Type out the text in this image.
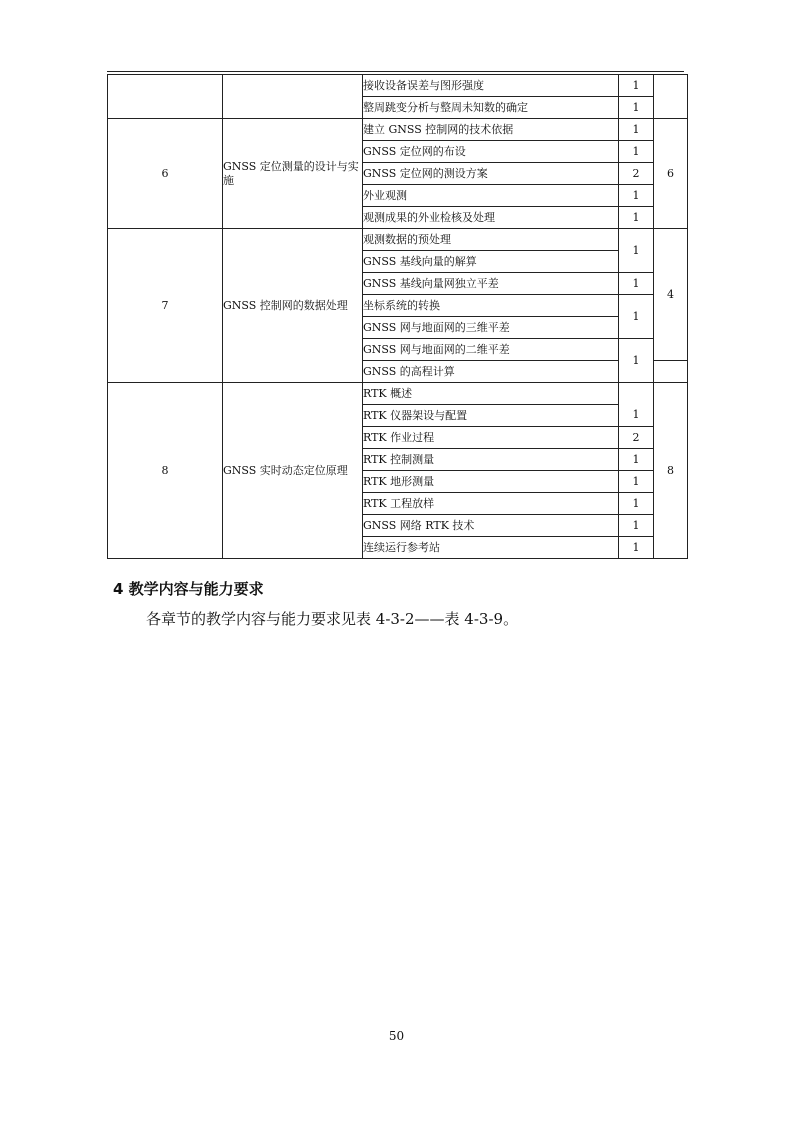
		接收设备误差与图形强度	1	
		整周跳变分析与整周未知数的确定	1	
6	GNSS 定位测量的设计与实施	建立 GNSS 控制网的技术依据	1	6
		GNSS 定位网的布设	1	
		GNSS 定位网的测设方案	2	
		外业观测	1	
		观测成果的外业检核及处理	1	
7	GNSS 控制网的数据处理	观测数据的预处理	1	4
		GNSS 基线向量的解算		
		GNSS 基线向量网独立平差	1	
		坐标系统的转换	1	
		GNSS 网与地面网的三维平差		
		GNSS 网与地面网的二维平差	1	
		GNSS 的高程计算		
8	GNSS 实时动态定位原理	RTK 概述	1	8
		RTK 仪器架设与配置		
		RTK 作业过程	2	
		RTK 控制测量	1	
		RTK 地形测量	1	
		RTK 工程放样	1	
		GNSS 网络 RTK 技术	1	
		连续运行参考站	1	
4 教学内容与能力要求
各章节的教学内容与能力要求见表 4-3-2——表 4-3-9。
50
